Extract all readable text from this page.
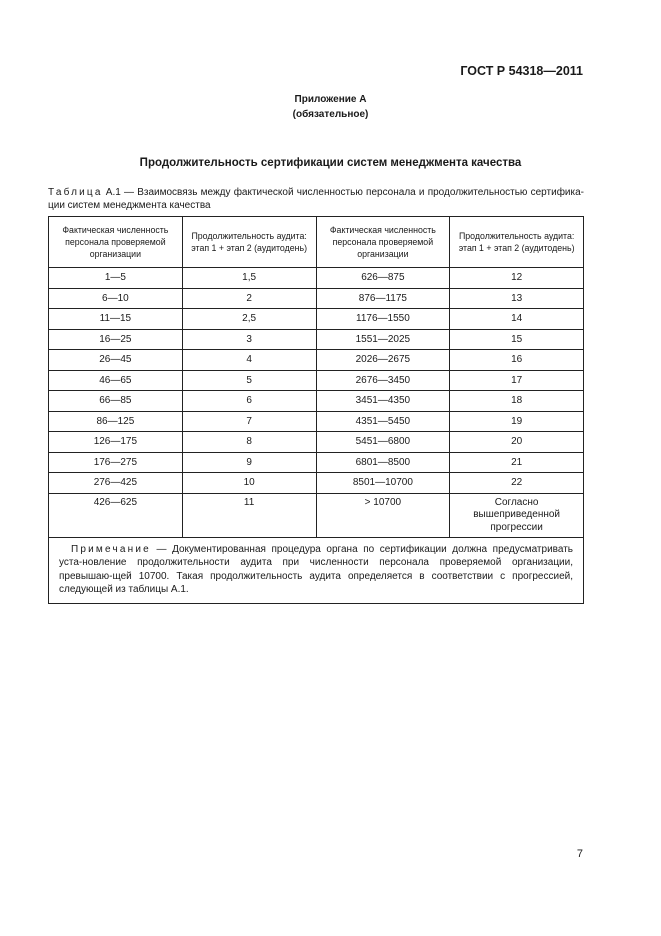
ГОСТ Р 54318—2011
Приложение А
(обязательное)
Продолжительность сертификации систем менеджмента качества
Таблица А.1 — Взаимосвязь между фактической численностью персонала и продолжительностью сертифика-ции систем менеджмента качества
Фактическая численность персонала проверяемой организации	Продолжительность аудита: этап 1 + этап 2 (аудитодень)	Фактическая численность персонала проверяемой организации	Продолжительность аудита: этап 1 + этап 2 (аудитодень)
1—5	1,5	626—875	12
6—10	2	876—1175	13
11—15	2,5	1176—1550	14
16—25	3	1551—2025	15
26—45	4	2026—2675	16
46—65	5	2676—3450	17
66—85	6	3451—4350	18
86—125	7	4351—5450	19
126—175	8	5451—6800	20
176—275	9	6801—8500	21
276—425	10	8501—10700	22
426—625	11	> 10700	Согласно вышеприведенной прогрессии
Примечание — Документированная процедура органа по сертификации должна предусматривать уста-новление продолжительности аудита при численности персонала проверяемой организации, превышаю-щей 10700. Такая продолжительность аудита определяется в соответствии с прогрессией, следующей из таблицы А.1.			
7
